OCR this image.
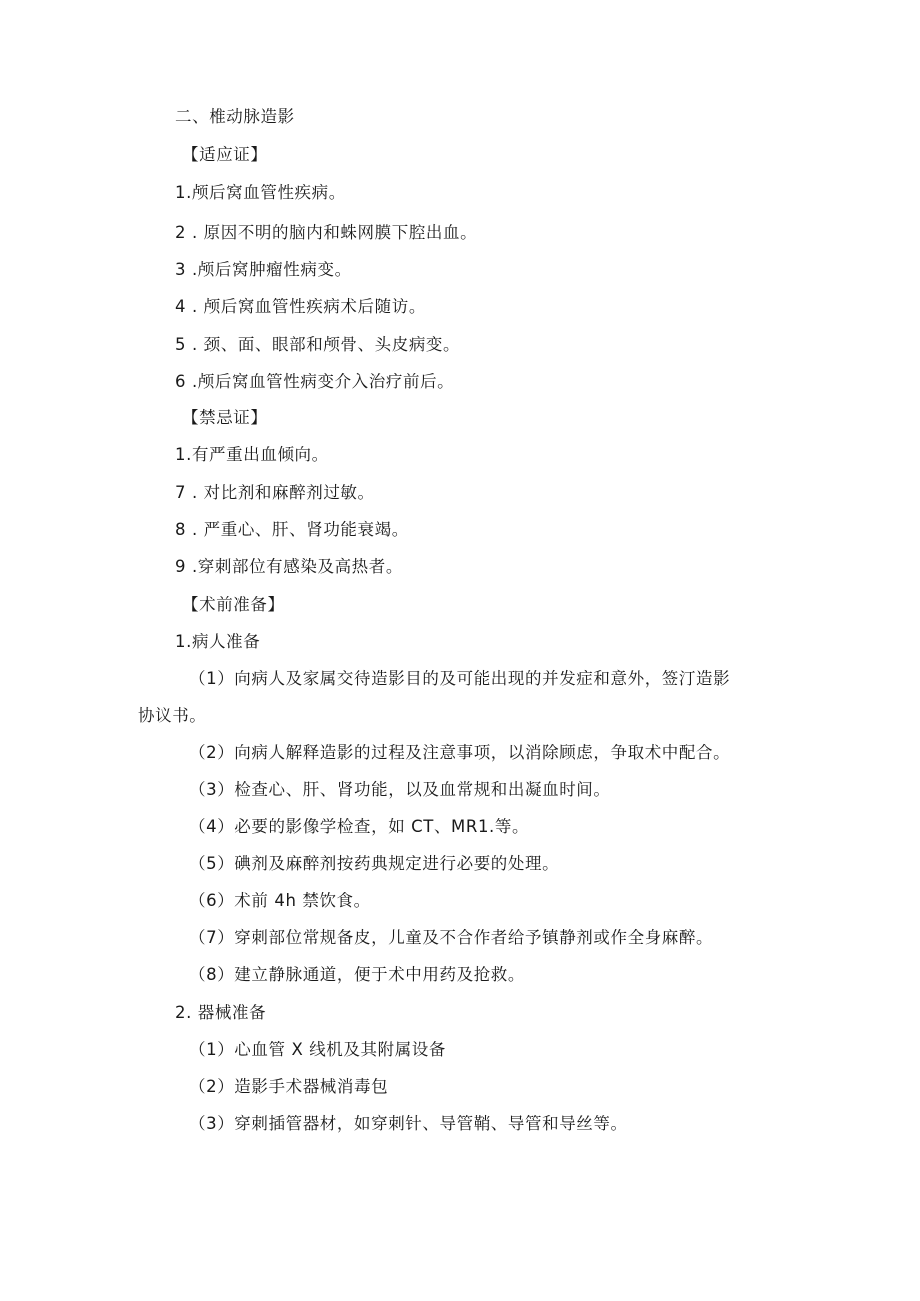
二、椎动脉造影
【适应证】
1.颅后窝血管性疾病。
2 . 原因不明的脑内和蛛网膜下腔出血。
3 .颅后窝肿瘤性病变。
4 . 颅后窝血管性疾病术后随访。
5 . 颈、面、眼部和颅骨、头皮病变。
6 .颅后窝血管性病变介入治疗前后。
【禁忌证】
1.有严重出血倾向。
7 . 对比剂和麻醉剂过敏。
8 . 严重心、肝、肾功能衰竭。
9 .穿刺部位有感染及高热者。
【术前准备】
1.病人准备
（1）向病人及家属交待造影目的及可能出现的并发症和意外，签汀造影
协议书。
（2）向病人解释造影的过程及注意事项，以消除顾虑，争取术中配合。
（3）检查心、肝、肾功能，以及血常规和出凝血时间。
（4）必要的影像学检查，如 CT、MR1.等。
（5）碘剂及麻醉剂按药典规定进行必要的处理。
（6）术前 4h 禁饮食。
（7）穿刺部位常规备皮，儿童及不合作者给予镇静剂或作全身麻醉。
（8）建立静脉通道，便于术中用药及抢救。
2. 器械准备
（1）心血管 X 线机及其附属设备
（2）造影手术器械消毒包
（3）穿刺插管器材，如穿刺针、导管鞘、导管和导丝等。
